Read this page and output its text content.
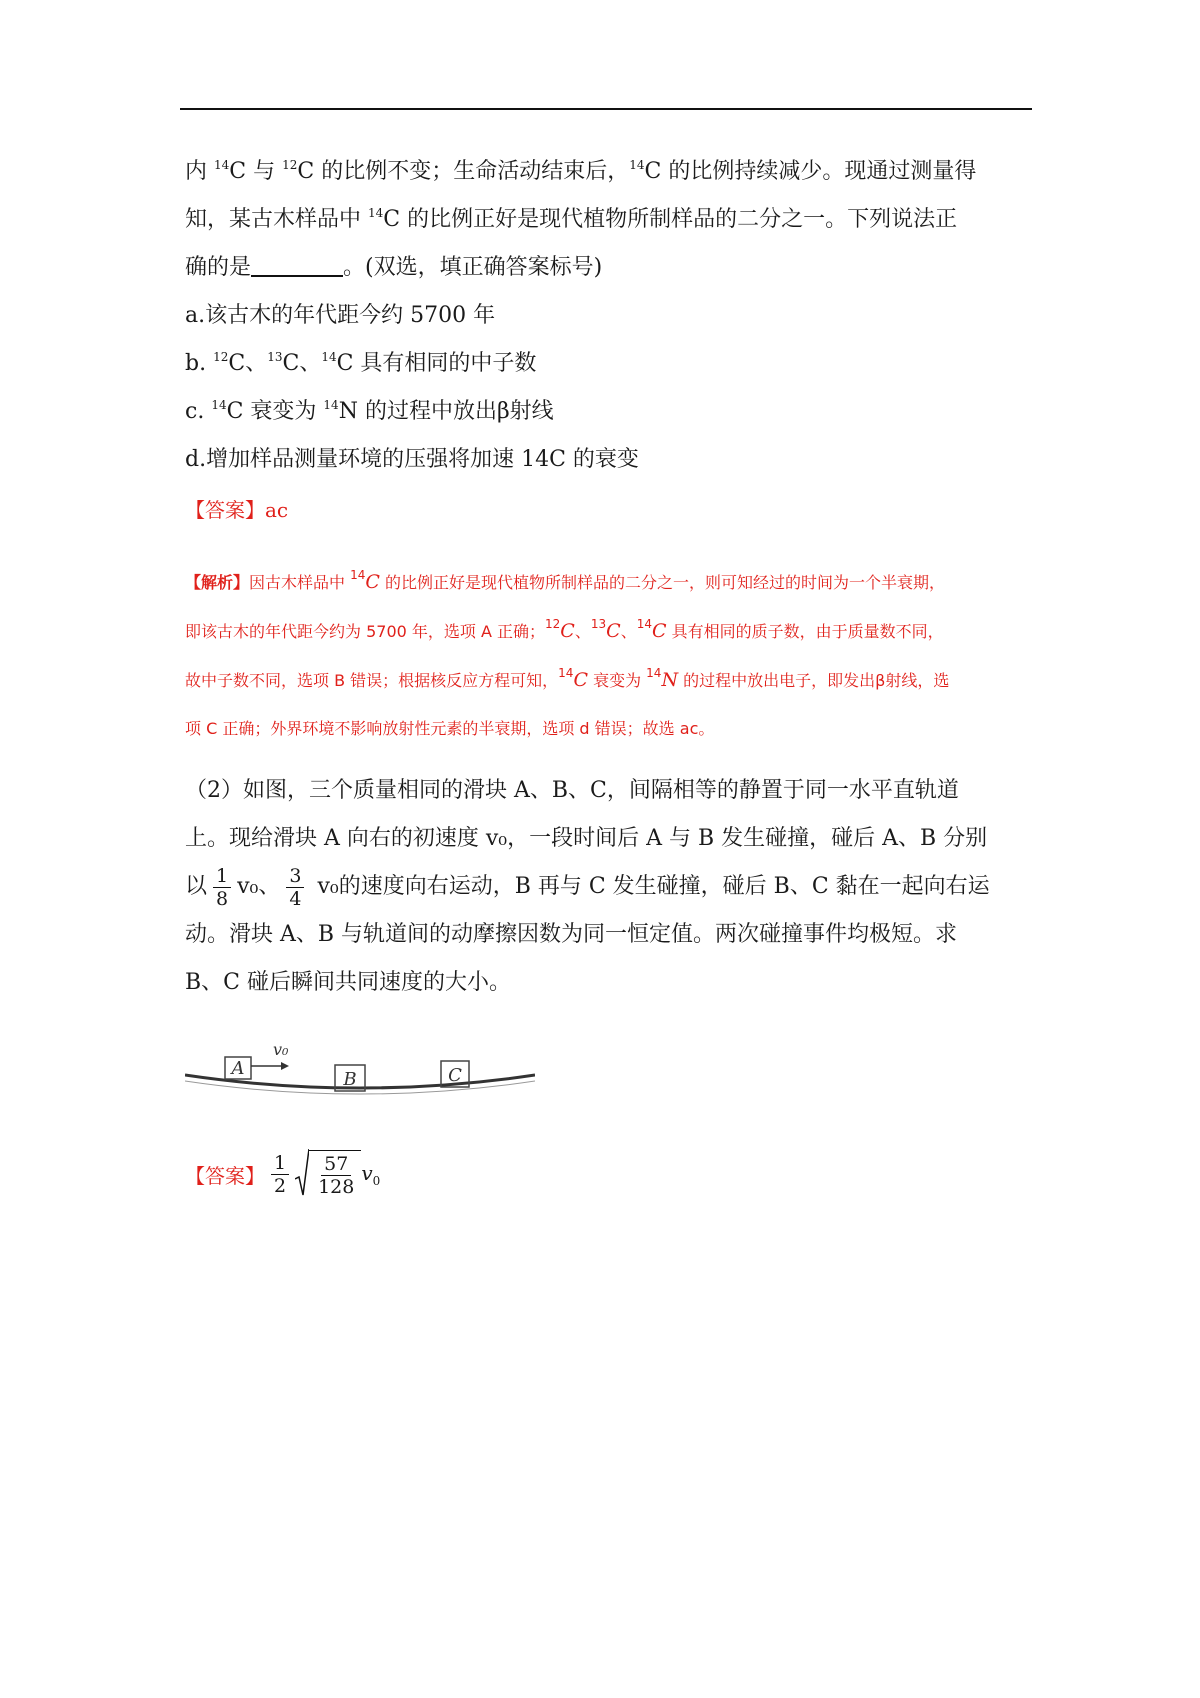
内 $^{14}$C 与 $^{12}$C 的比例不变；生命活动结束后，$^{14}$C 的比例持续减少。现通过测量得

知，某古木样品中 $^{14}$C 的比例正好是现代植物所制样品的二分之一。下列说法正

确的是	。(双选，填正确答案标号)

a.该古木的年代距今约 5700 年

b. $^{12}$C、$^{13}$C、$^{14}$C 具有相同的中子数

c. $^{14}$C 衰变为 $^{14}$N 的过程中放出β射线

d.增加样品测量环境的压强将加速 14C 的衰变

【答案】ac

【解析】因古木样品中 $^{14}$C 的比例正好是现代植物所制样品的二分之一，则可知经过的时间为一个半衰期，
即该古木的年代距今约为 5700 年，选项 A 正确；$^{12}$C、$^{13}$C、$^{14}$C 具有相同的质子数，由于质量数不同，
故中子数不同，选项 B 错误；根据核反应方程可知，$^{14}$C 衰变为 $^{14}$N 的过程中放出电子，即发出β射线，选
项 C 正确；外界环境不影响放射性元素的半衰期，选项 d 错误；故选 ac。

（2）如图，三个质量相同的滑块 A、B、C，间隔相等的静置于同一水平直轨道

上。现给滑块 A 向右的初速度 v₀，一段时间后 A 与 B 发生碰撞，碰后 A、B 分别

以 $\frac{1}{8} v_0$、 $\frac{3}{4} v_0$的速度向右运动，B 再与 C 发生碰撞，碰后 B、C 黏在一起向右运

动。滑块 A、B 与轨道间的动摩擦因数为同一恒定值。两次碰撞事件均极短。求

B、C 碰后瞬间共同速度的大小。

A
v₀
B	C
【答案】 $\frac{1}{2} \frac{57}{128} v_0$
